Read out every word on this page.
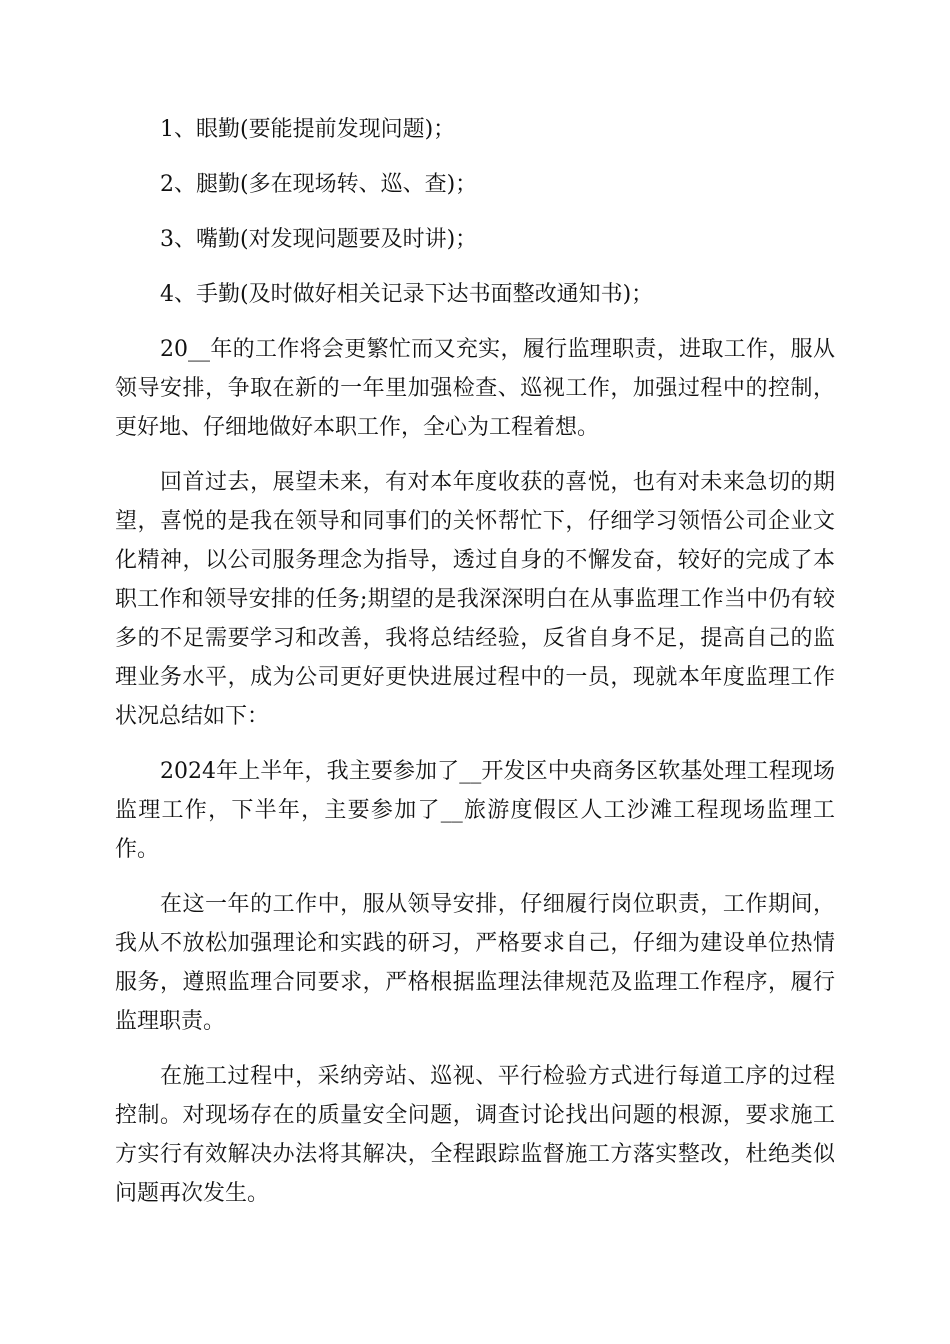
1、眼勤(要能提前发现问题)；

2、腿勤(多在现场转、巡、查)；

3、嘴勤(对发现问题要及时讲)；

4、手勤(及时做好相关记录下达书面整改通知书)；

20__年的工作将会更繁忙而又充实，履行监理职责，进取工作，服从领导安排，争取在新的一年里加强检查、巡视工作，加强过程中的控制，更好地、仔细地做好本职工作，全心为工程着想。

回首过去，展望未来，有对本年度收获的喜悦，也有对未来急切的期望，喜悦的是我在领导和同事们的关怀帮忙下，仔细学习领悟公司企业文化精神，以公司服务理念为指导，透过自身的不懈发奋，较好的完成了本职工作和领导安排的任务;期望的是我深深明白在从事监理工作当中仍有较多的不足需要学习和改善，我将总结经验，反省自身不足，提高自己的监理业务水平，成为公司更好更快进展过程中的一员，现就本年度监理工作状况总结如下：

2024年上半年，我主要参加了__开发区中央商务区软基处理工程现场监理工作，下半年，主要参加了__旅游度假区人工沙滩工程现场监理工作。

在这一年的工作中，服从领导安排，仔细履行岗位职责，工作期间，我从不放松加强理论和实践的研习，严格要求自己，仔细为建设单位热情服务，遵照监理合同要求，严格根据监理法律规范及监理工作程序，履行监理职责。

在施工过程中，采纳旁站、巡视、平行检验方式进行每道工序的过程控制。对现场存在的质量安全问题，调查讨论找出问题的根源，要求施工方实行有效解决办法将其解决，全程跟踪监督施工方落实整改，杜绝类似问题再次发生。
